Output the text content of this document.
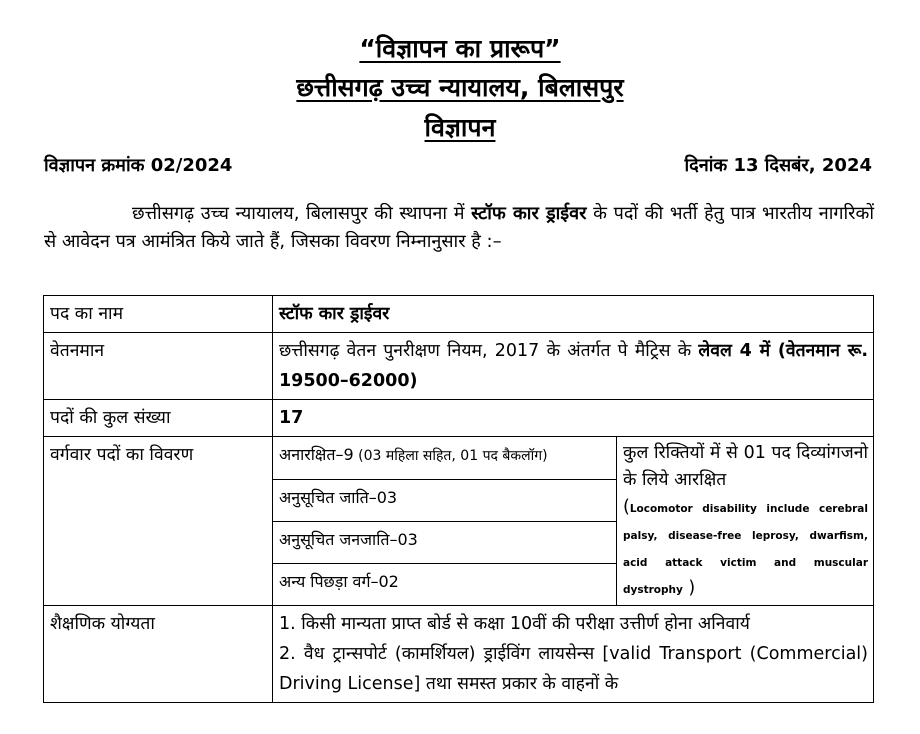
“विज्ञापन का प्रारूप”
छत्तीसगढ़ उच्च न्यायालय, बिलासपुर
विज्ञापन
विज्ञापन क्रमांक 02/2024	दिनांक 13 दिसबंर, 2024
छत्तीसगढ़ उच्च न्यायालय, बिलासपुर की स्थापना में स्टॉफ कार ड्राईवर के पदों की भर्ती हेतु पात्र भारतीय नागरिकों से आवेदन पत्र आमंत्रित किये जाते हैं, जिसका विवरण निम्नानुसार है :–
पद का नाम	स्टॉफ कार ड्राईवर	
वेतनमान	छत्तीसगढ़ वेतन पुनरीक्षण नियम, 2017 के अंतर्गत पे मैट्रिस के लेवल 4 में (वेतनमान रू. 19500–62000)	
पदों की कुल संख्या	17	
वर्गवार पदों का विवरण	अनारक्षित–9 (03 महिला सहित, 01 पद बैकलॉग)	कुल रिक्तियों में से 01 पद दिव्यांगजनो के लिये आरक्षित
(Locomotor disability include cerebral palsy, disease-free leprosy, dwarfism, acid attack victim and muscular dystrophy )
	अनुसूचित जाति–03	
	अनुसूचित जनजाति–03	
	अन्य पिछड़ा वर्ग–02	
शैक्षणिक योग्यता	1. किसी मान्यता प्राप्त बोर्ड से कक्षा 10वीं की परीक्षा उत्तीर्ण होना अनिवार्य
2. वैध ट्रान्सपोर्ट (कामर्शियल) ड्राईविंग लायसेन्स [valid Transport (Commercial) Driving License] तथा समस्त प्रकार के वाहनों के	
